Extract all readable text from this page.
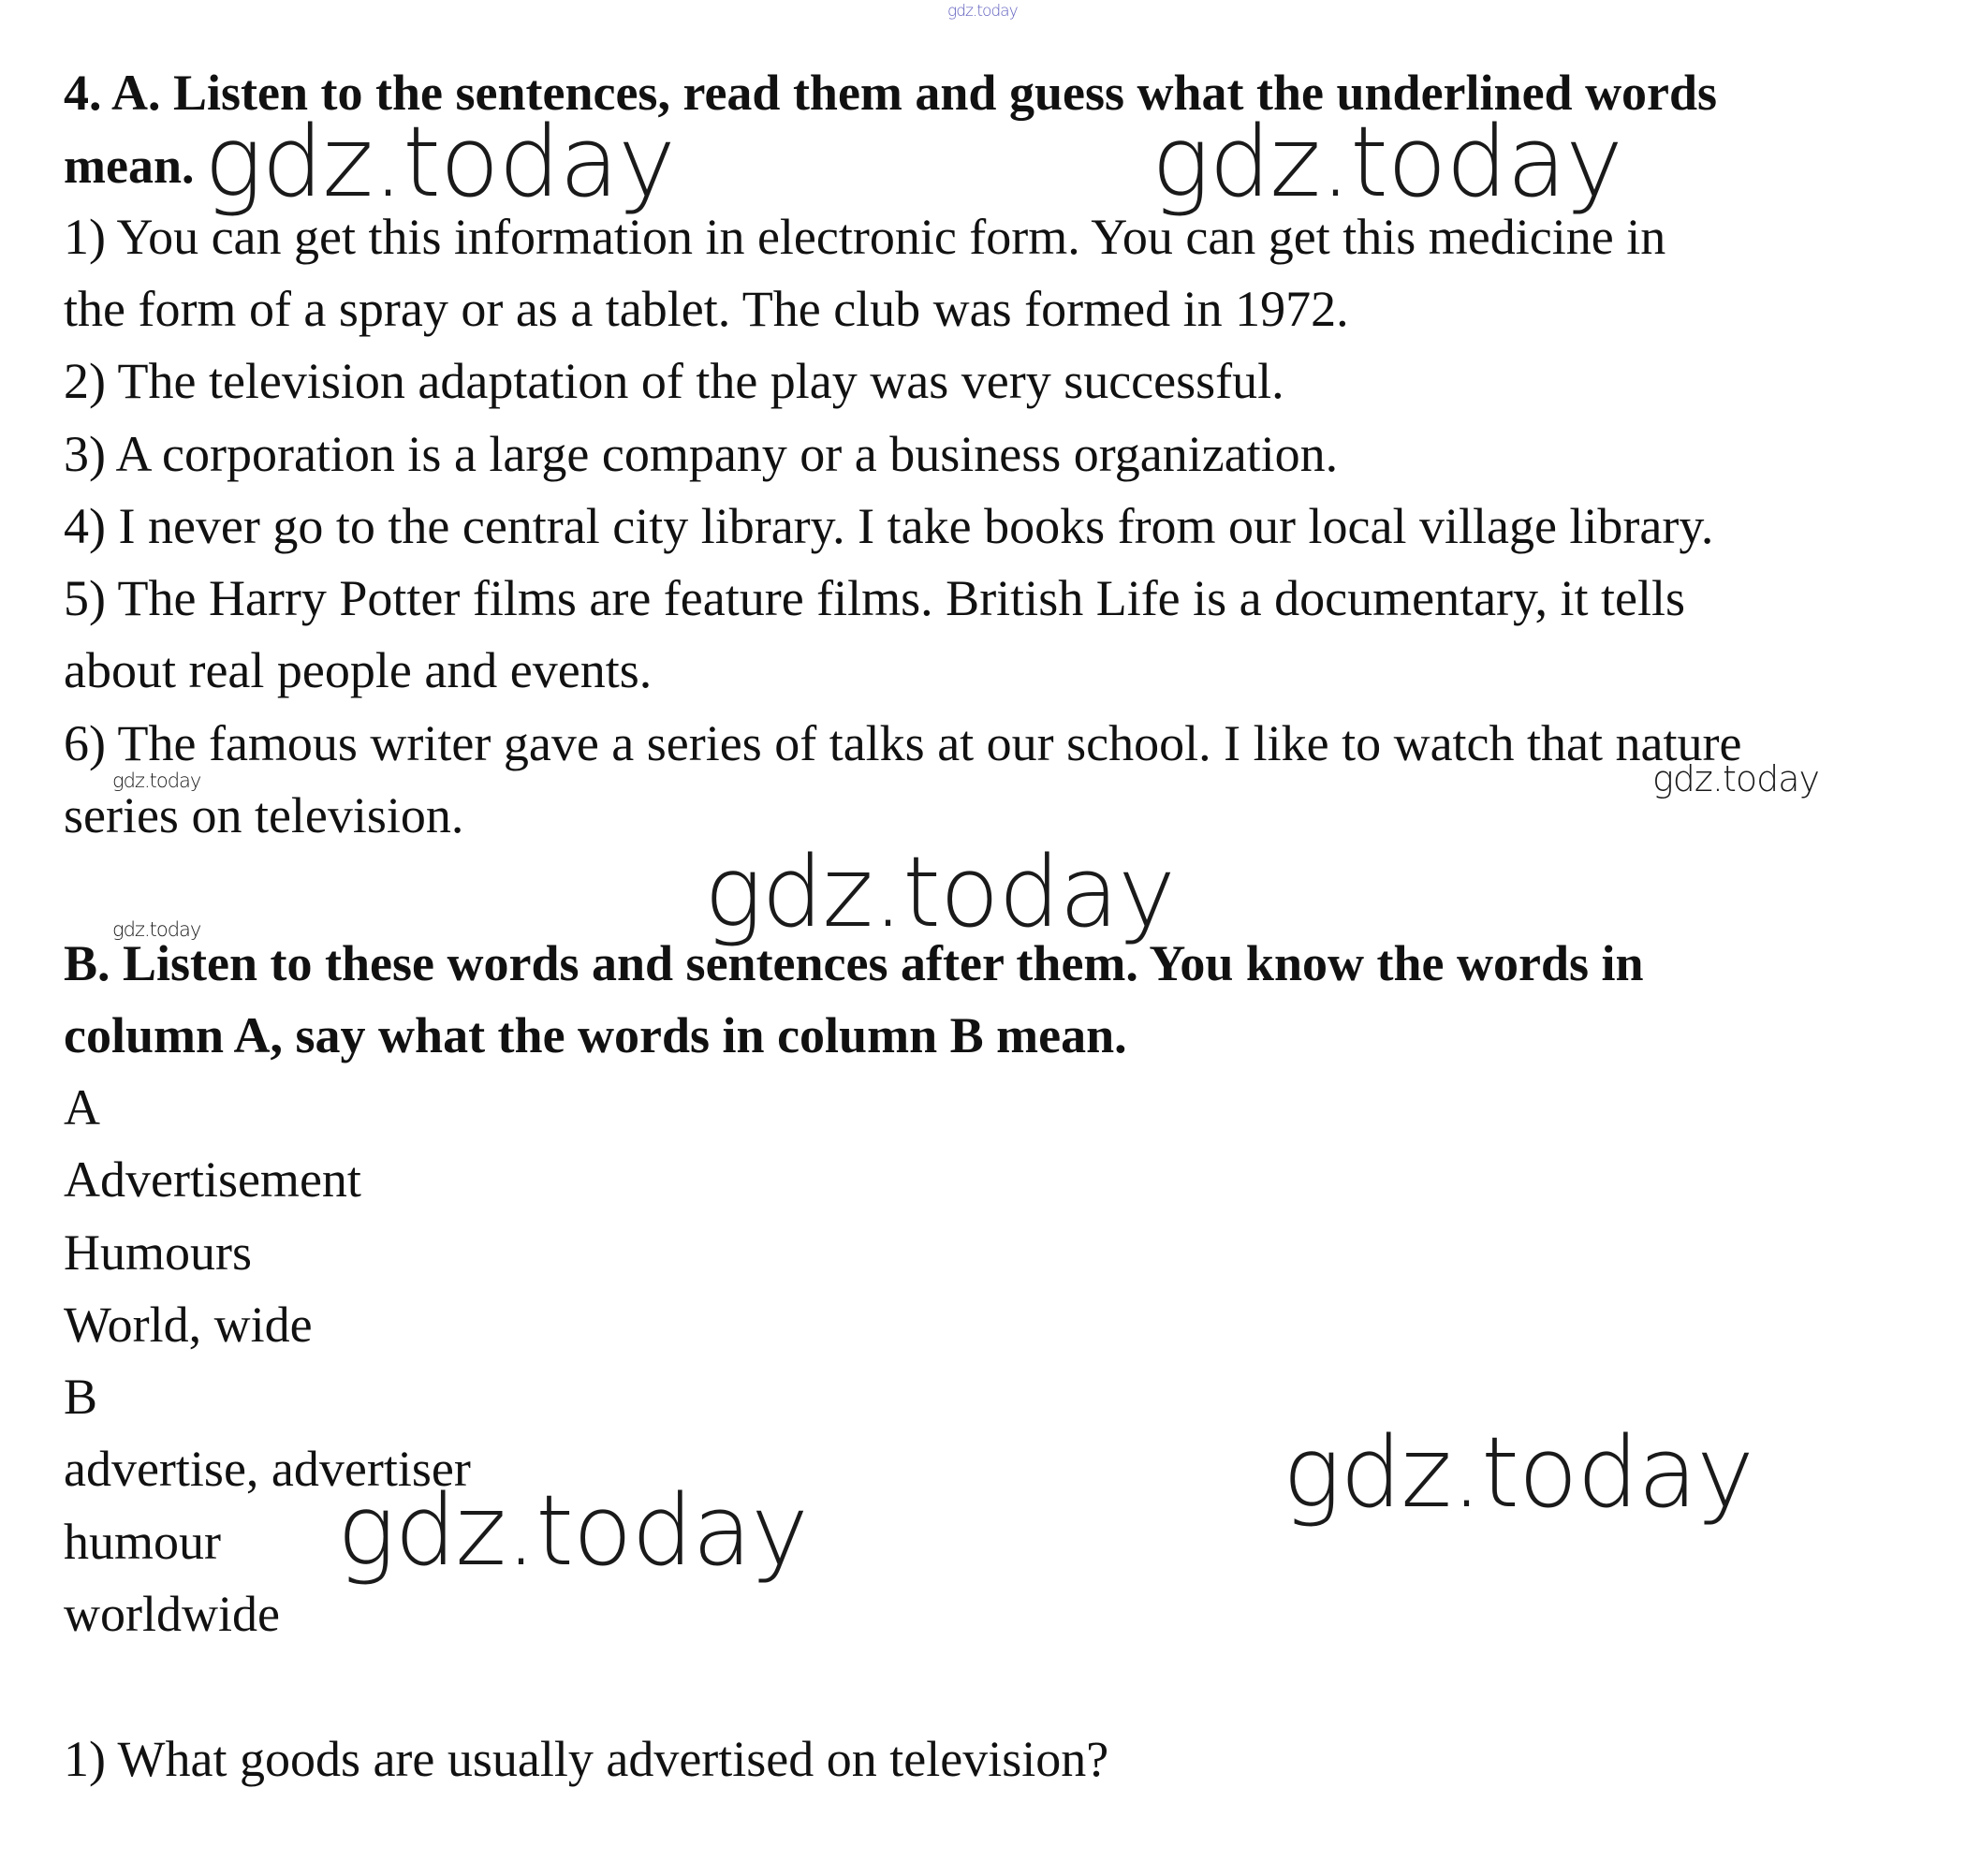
gdz.today
4. A. Listen to the sentences, read them and guess what the underlined words
mean. gdz.today	gdz.today
1) You can get this information in electronic form. You can get this medicine in
the form of a spray or as a tablet. The club was formed in 1972.
2) The television adaptation of the play was very successful.
3) A corporation is a large company or a business organization.
4) I never go to the central city library. I take books from our local village library.
5) The Harry Potter films are feature films. British Life is a documentary, it tells
about real people and events.
6) The famous writer gave a series of talks at our school. I like to watch that nature
series on television.
gdz.today	gdz.today
gdz.today
gdz.today
B. Listen to these words and sentences after them. You know the words in
column A, say what the words in column B mean.
A
Advertisement
Humours
World, wide
B
advertise, advertiser
humour
worldwide
gdz.today
gdz.today
1) What goods are usually advertised on television?
